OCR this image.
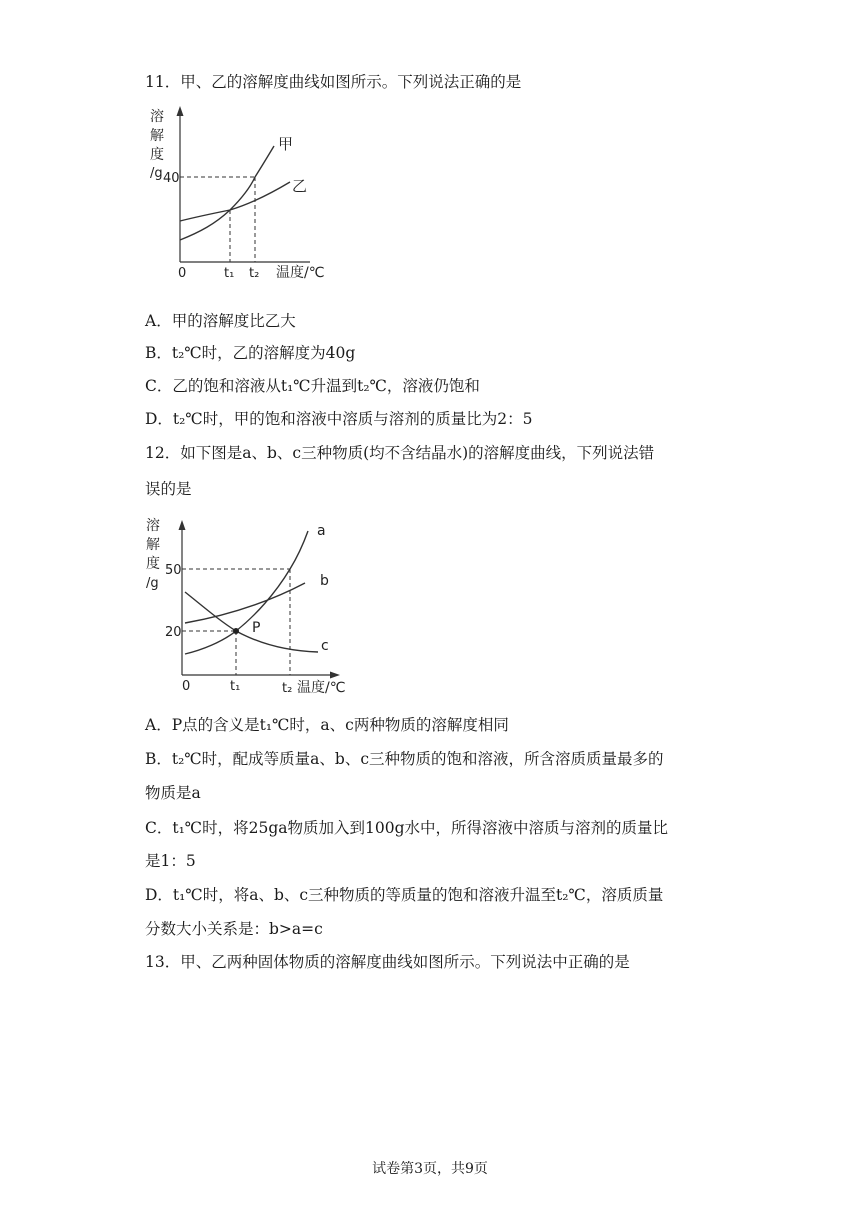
11．甲、乙的溶解度曲线如图所示。下列说法正确的是
溶
解
度
/g 40
0	t₁ t₂ 温度/℃
甲
乙
A．甲的溶解度比乙大
B．t₂℃时，乙的溶解度为40g
C．乙的饱和溶液从t₁℃升温到t₂℃，溶液仍饱和
D．t₂℃时，甲的饱和溶液中溶质与溶剂的质量比为2：5
12．如下图是a、b、c三种物质(均不含结晶水)的溶解度曲线，下列说法错
误的是
溶
解
度
/g
50
20
0	t₁	t₂ 温度/℃
P
a
b
c
A．P点的含义是t₁℃时，a、c两种物质的溶解度相同
B．t₂℃时，配成等质量a、b、c三种物质的饱和溶液，所含溶质质量最多的
物质是a
C．t₁℃时，将25ga物质加入到100g水中，所得溶液中溶质与溶剂的质量比
是1：5
D．t₁℃时，将a、b、c三种物质的等质量的饱和溶液升温至t₂℃，溶质质量
分数大小关系是：b>a=c
13．甲、乙两种固体物质的溶解度曲线如图所示。下列说法中正确的是
试卷第3页，共9页
